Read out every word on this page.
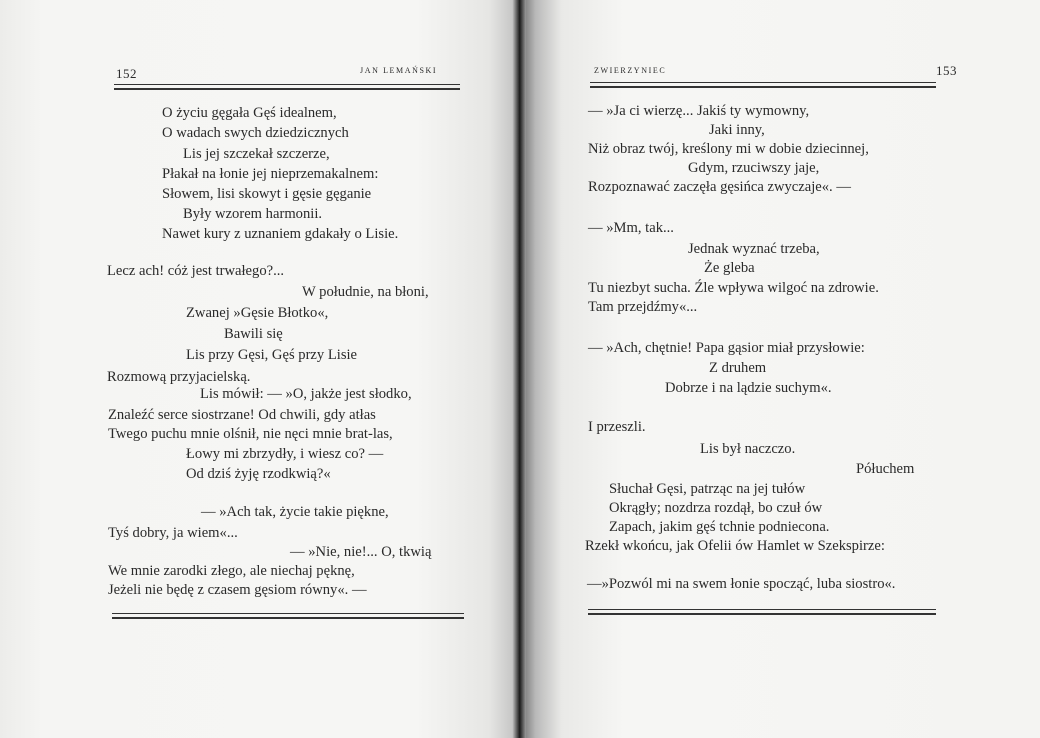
152	JAN LEMAŃSKI
O życiu gęgała Gęś idealnem,
O wadach swych dziedzicznych
Lis jej szczekał szczerze,
Płakał na łonie jej nieprzemakalnem:
Słowem, lisi skowyt i gęsie gęganie
Były wzorem harmonii.
Nawet kury z uznaniem gdakały o Lisie.
Lecz ach! cóż jest trwałego?...
W południe, na błoni,
Zwanej »Gęsie Błotko«,
Bawili się
Lis przy Gęsi, Gęś przy Lisie
Rozmową przyjacielską.
Lis mówił: — »O, jakże jest słodko,
Znaleźć serce siostrzane! Od chwili, gdy atłas
Twego puchu mnie olśnił, nie nęci mnie brat-las,
Łowy mi zbrzydły, i wiesz co? —
Od dziś żyję rzodkwią?«
— »Ach tak, życie takie piękne,
Tyś dobry, ja wiem«...
— »Nie, nie!... O, tkwią
We mnie zarodki złego, ale niechaj pęknę,
Jeżeli nie będę z czasem gęsiom równy«. —
ZWIERZYNIEC	153
— »Ja ci wierzę... Jakiś ty wymowny,
Jaki inny,
Niż obraz twój, kreślony mi w dobie dziecinnej,
Gdym, rzuciwszy jaje,
Rozpoznawać zaczęła gęsińca zwyczaje«. —
— »Mm, tak...
Jednak wyznać trzeba,
Że gleba
Tu niezbyt sucha. Źle wpływa wilgoć na zdrowie.
Tam przejdźmy«...
— »Ach, chętnie! Papa gąsior miał przysłowie:
Z druhem
Dobrze i na lądzie suchym«.
I przeszli.
Lis był naczczo.
Półuchem
Słuchał Gęsi, patrząc na jej tułów
Okrągły; nozdrza rozdął, bo czuł ów
Zapach, jakim gęś tchnie podniecona.
Rzekł wkońcu, jak Ofelii ów Hamlet w Szekspirze:
—»Pozwól mi na swem łonie spocząć, luba siostro«.
